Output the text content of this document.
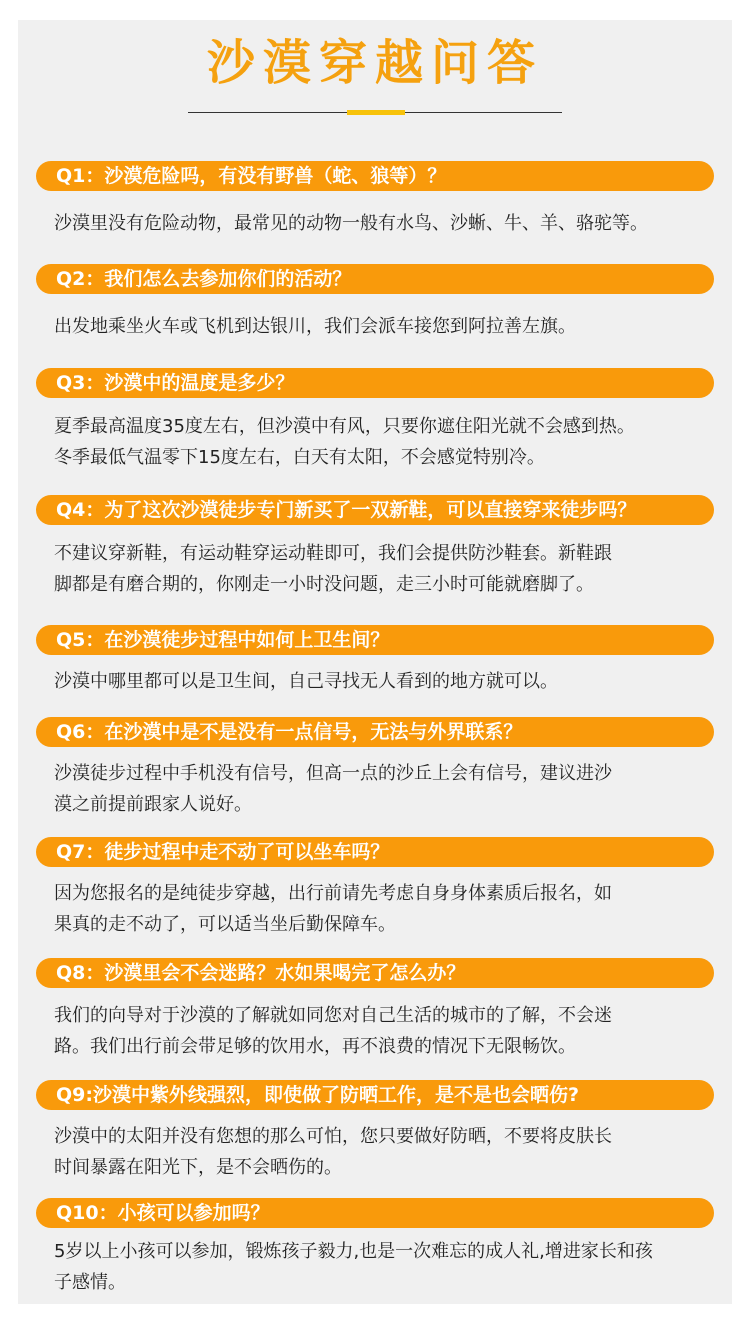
沙漠穿越问答
Q1：沙漠危险吗，有没有野兽（蛇、狼等）？
沙漠里没有危险动物，最常见的动物一般有水鸟、沙蜥、牛、羊、骆驼等。
Q2：我们怎么去参加你们的活动？
出发地乘坐火车或飞机到达银川，我们会派车接您到阿拉善左旗。
Q3：沙漠中的温度是多少？
夏季最高温度35度左右，但沙漠中有风，只要你遮住阳光就不会感到热。
冬季最低气温零下15度左右，白天有太阳，不会感觉特别冷。
Q4：为了这次沙漠徒步专门新买了一双新鞋，可以直接穿来徒步吗？
不建议穿新鞋，有运动鞋穿运动鞋即可，我们会提供防沙鞋套。新鞋跟
脚都是有磨合期的，你刚走一小时没问题，走三小时可能就磨脚了。
Q5：在沙漠徒步过程中如何上卫生间？
沙漠中哪里都可以是卫生间，自己寻找无人看到的地方就可以。
Q6：在沙漠中是不是没有一点信号，无法与外界联系？
沙漠徒步过程中手机没有信号，但高一点的沙丘上会有信号，建议进沙
漠之前提前跟家人说好。
Q7：徒步过程中走不动了可以坐车吗？
因为您报名的是纯徒步穿越，出行前请先考虑自身身体素质后报名，如
果真的走不动了，可以适当坐后勤保障车。
Q8：沙漠里会不会迷路？水如果喝完了怎么办？
我们的向导对于沙漠的了解就如同您对自己生活的城市的了解，不会迷
路。我们出行前会带足够的饮用水，再不浪费的情况下无限畅饮。
Q9:沙漠中紫外线强烈，即使做了防晒工作，是不是也会晒伤?
沙漠中的太阳并没有您想的那么可怕，您只要做好防晒，不要将皮肤长
时间暴露在阳光下，是不会晒伤的。
Q10：小孩可以参加吗？
5岁以上小孩可以参加，锻炼孩子毅力,也是一次难忘的成人礼,增进家长和孩
子感情。
